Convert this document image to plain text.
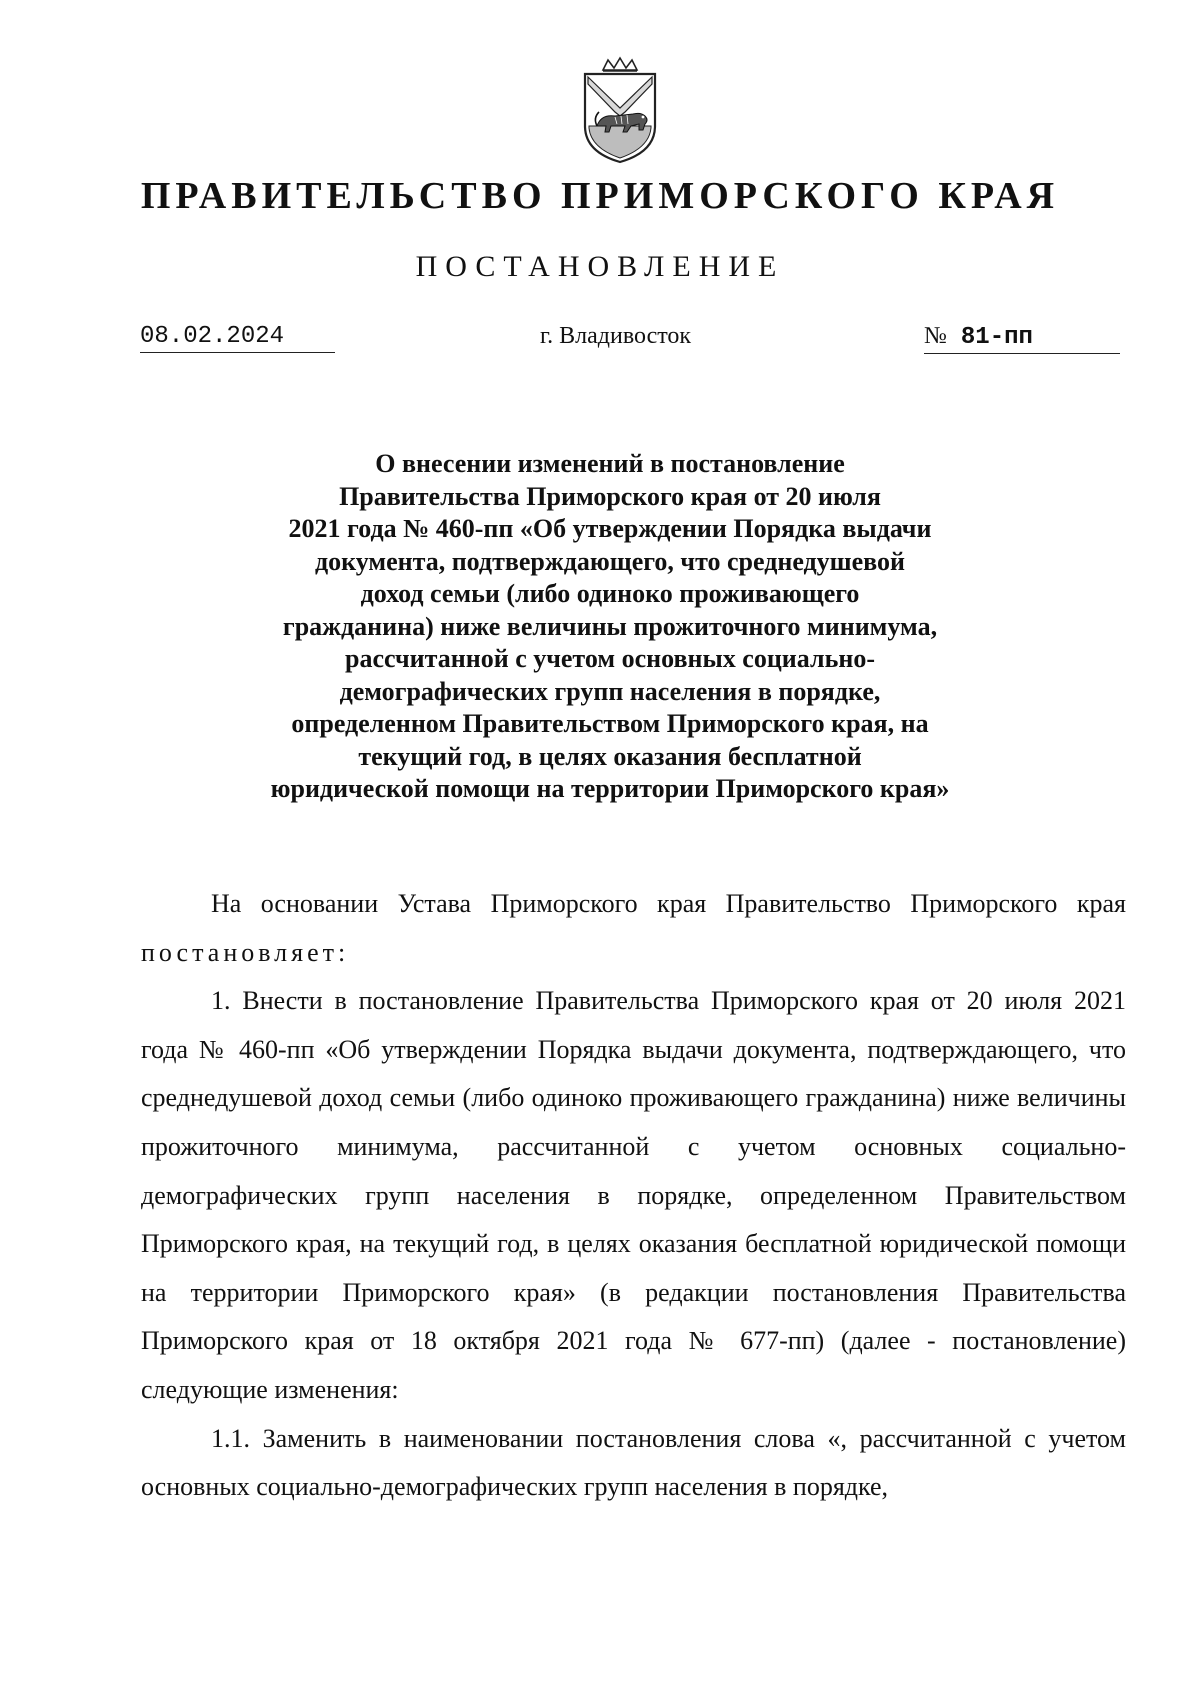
ПРАВИТЕЛЬСТВО ПРИМОРСКОГО КРАЯ
ПОСТАНОВЛЕНИЕ
08.02.2024	г. Владивосток	№ 81-пп
О внесении изменений в постановление
Правительства Приморского края от 20 июля
2021 года № 460-пп «Об утверждении Порядка выдачи
документа, подтверждающего, что среднедушевой
доход семьи (либо одиноко проживающего
гражданина) ниже величины прожиточного минимума,
рассчитанной с учетом основных социально-
демографических групп населения в порядке,
определенном Правительством Приморского края, на
текущий год, в целях оказания бесплатной
юридической помощи на территории Приморского края»

На основании Устава Приморского края Правительство Приморского края постановляет:

1. Внести в постановление Правительства Приморского края от 20 июля 2021 года № 460-пп «Об утверждении Порядка выдачи документа, подтверждающего, что среднедушевой доход семьи (либо одиноко проживающего гражданина) ниже величины прожиточного минимума, рассчитанной с учетом основных социально-демографических групп населения в порядке, определенном Правительством Приморского края, на текущий год, в целях оказания бесплатной юридической помощи на территории Приморского края» (в редакции постановления Правительства Приморского края от 18 октября 2021 года № 677-пп) (далее - постановление) следующие изменения:

1.1. Заменить в наименовании постановления слова «, рассчитанной с учетом основных социально-демографических групп населения в порядке,
